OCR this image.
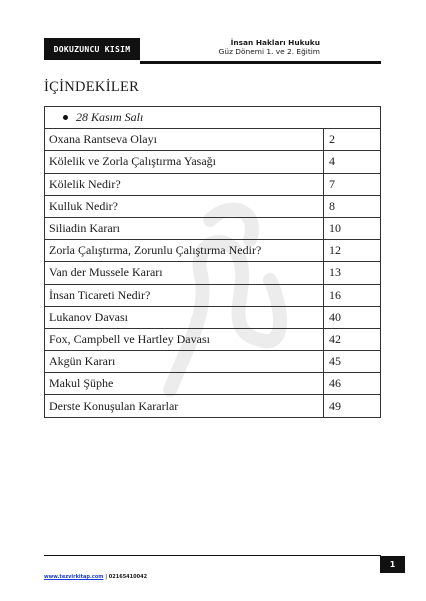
DOKUZUNCU KISIM
İnsan Hakları Hukuku
Güz Dönemi 1. ve 2. Eğitim
İÇİNDEKİLER
28 Kasım Salı	
Oxana Rantseva Olayı	2
Kölelik ve Zorla Çalıştırma Yasağı	4
Kölelik Nedir?	7
Kulluk Nedir?	8
Siliadin Kararı	10
Zorla Çalıştırma, Zorunlu Çalıştırma Nedir?	12
Van der Mussele Kararı	13
İnsan Ticareti Nedir?	16
Lukanov Davası	40
Fox, Campbell ve Hartley Davası	42
Akgün Kararı	45
Makul Şüphe	46
Derste Konuşulan Kararlar	49
1
www.tezvirkitap.com | 02165410042
